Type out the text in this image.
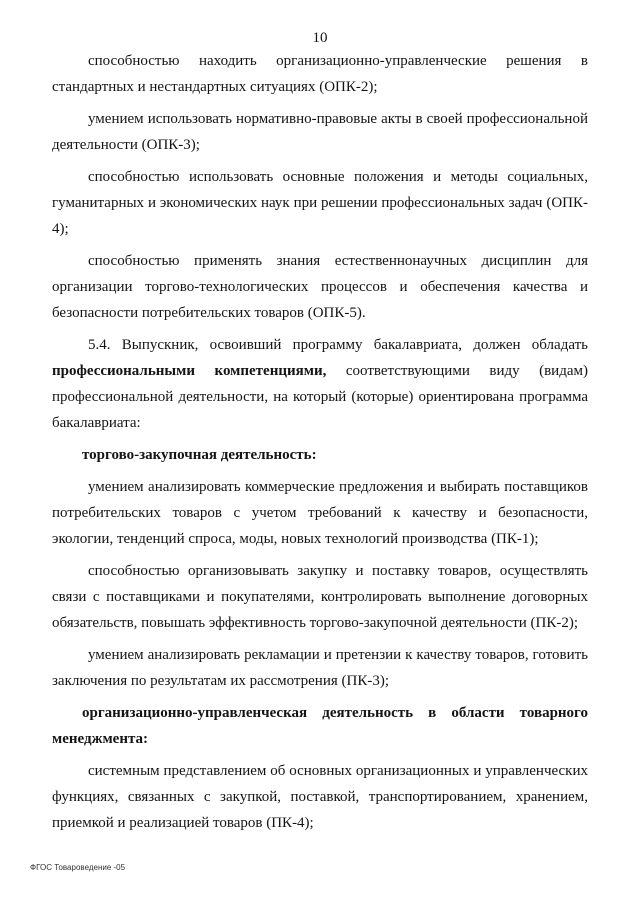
10

способностью находить организационно-управленческие решения в стандартных и нестандартных ситуациях (ОПК-2);

умением использовать нормативно-правовые акты в своей профессиональной деятельности (ОПК-3);

способностью использовать основные положения и методы социальных, гуманитарных и экономических наук при решении профессиональных задач (ОПК- 4);

способностью применять знания естественнонаучных дисциплин для организации торгово-технологических процессов и обеспечения качества и безопасности потребительских товаров (ОПК-5).

5.4. Выпускник, освоивший программу бакалавриата, должен обладать профессиональными компетенциями, соответствующими виду (видам) профессиональной деятельности, на который (которые) ориентирована программа бакалавриата:

торгово-закупочная деятельность:

умением анализировать коммерческие предложения и выбирать поставщиков потребительских товаров с учетом требований к качеству и безопасности, экологии, тенденций спроса, моды, новых технологий производства (ПК-1);

способностью организовывать закупку и поставку товаров, осуществлять связи с поставщиками и покупателями, контролировать выполнение договорных обязательств, повышать эффективность торгово-закупочной деятельности (ПК-2);

умением анализировать рекламации и претензии к качеству товаров, готовить заключения по результатам их рассмотрения (ПК-3);

организационно-управленческая деятельность в области товарного менеджмента:

системным представлением об основных организационных и управленческих функциях, связанных с закупкой, поставкой, транспортированием, хранением, приемкой и реализацией товаров (ПК-4);

ФГОС Товароведение -05
